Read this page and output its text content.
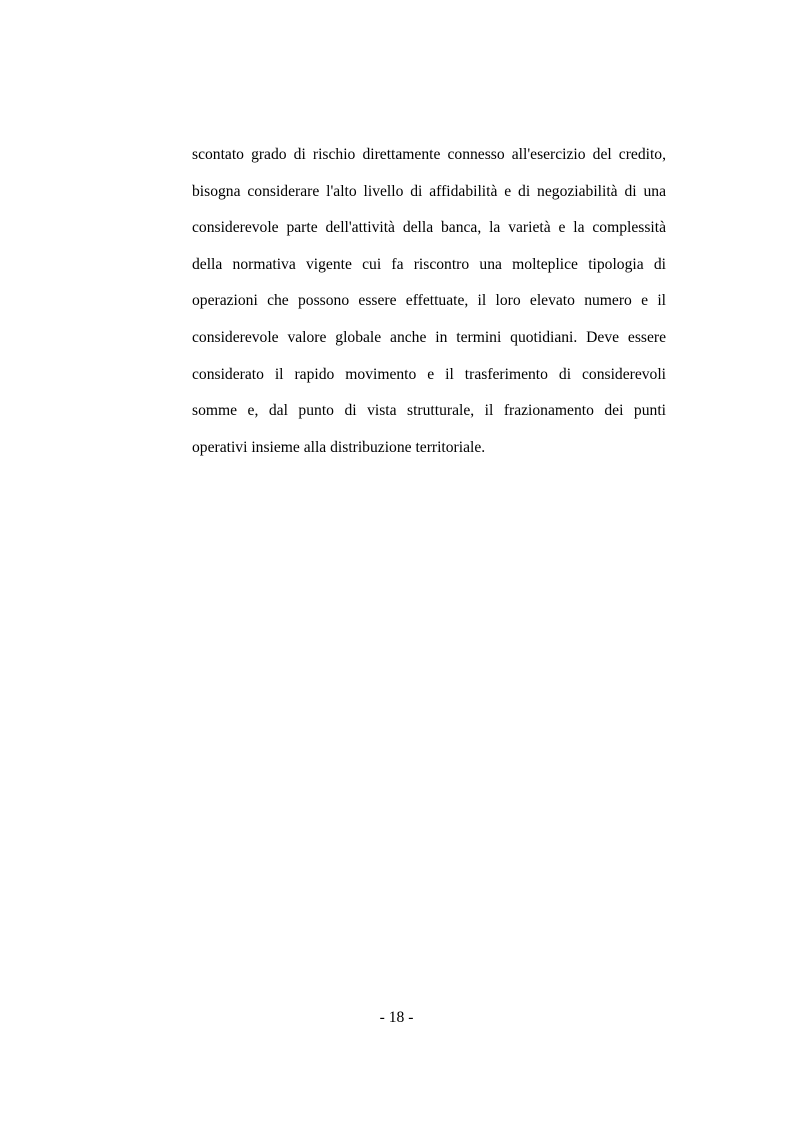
scontato grado di rischio direttamente connesso all'esercizio del credito,
bisogna considerare l'alto livello di affidabilità e di negoziabilità di una
considerevole parte dell'attività della banca, la varietà e la complessità
della normativa vigente cui fa riscontro una molteplice tipologia di
operazioni che possono essere effettuate, il loro elevato numero e il
considerevole valore globale anche in termini quotidiani. Deve essere
considerato il rapido movimento e il trasferimento di considerevoli
somme e, dal punto di vista strutturale, il frazionamento dei punti
operativi insieme alla distribuzione territoriale.
- 18 -
